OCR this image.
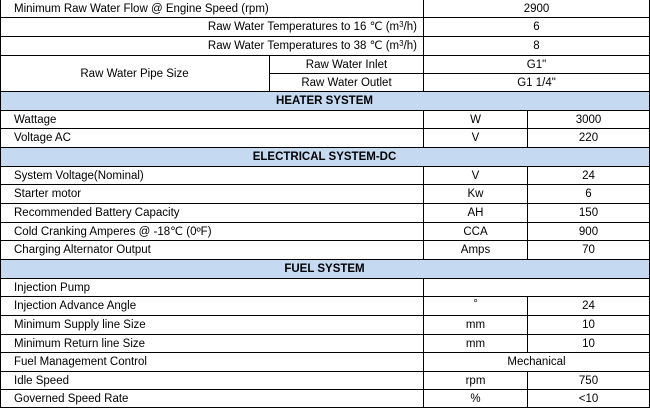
Minimum Raw Water Flow @ Engine Speed (rpm)	2900
Raw Water Temperatures to 16 ℃ $(m^3/h)$	6
Raw Water Temperatures to 38 ℃ $(m^3/h)$	8
Raw Water Pipe Size
Raw Water Inlet	G1"
Raw Water Outlet	G1 1/4"
HEATER SYSTEM
Wattage	W	3000
Voltage AC	V	220
ELECTRICAL SYSTEM-DC
System Voltage(Nominal)	V	24
Starter motor	Kw	6
Recommended Battery Capacity	AH	150
Cold Cranking Amperes @ -18℃ (0ºF)	CCA	900
Charging Alternator Output	Amps	70
FUEL SYSTEM
Injection Pump
Injection Advance Angle	°	24
Minimum Supply line Size	mm	10
Minimum Return line Size	mm	10
Fuel Management Control	Mechanical
Idle Speed	rpm	750
Governed Speed Rate	%	<10
